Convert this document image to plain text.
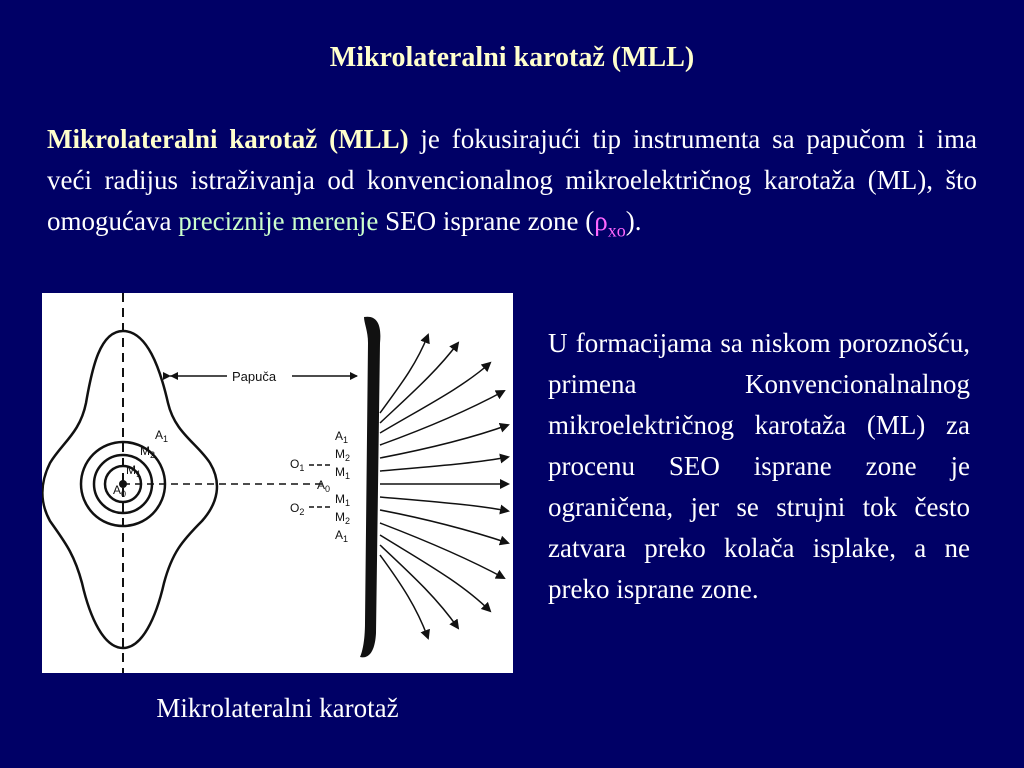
Mikrolateralni karotaž (MLL)
Mikrolateralni karotaž (MLL) je fokusirajući tip instrumenta sa papučom i ima veći radijus istraživanja od konvencionalnog mikroelektričnog karotaža (ML), što omogućava preciznije merenje SEO isprane zone $(\rho_{xo})$.
$A_1$
$M_2$
$M_1$
$A_0$
Papuča
$A_1$
$M_2$
$M_1$
$A_0$
$M_1$
$M_2$
$A_1$
$O_1$
$O_2$
Mikrolateralni karotaž
U formacijama sa niskom poroznošću, primena Konvencionalnalnog mikroelektričnog karotaža (ML) za procenu SEO isprane zone je ograničena, jer se strujni tok često zatvara preko kolača isplake, a ne preko isprane zone.
